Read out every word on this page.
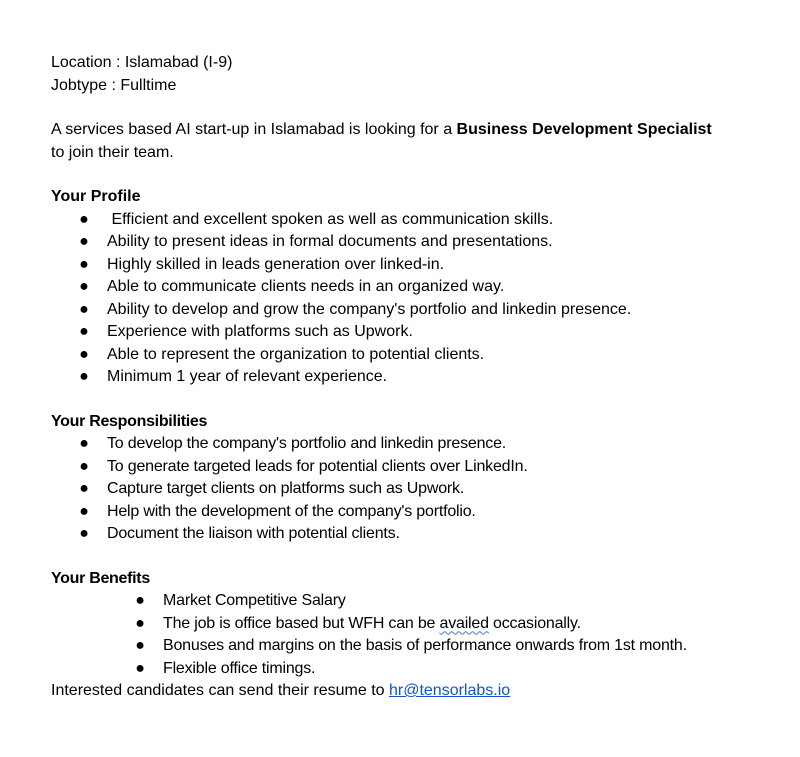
Location : Islamabad (I-9)
Jobtype : Fulltime
A services based AI start-up in Islamabad is looking for a Business Development Specialist
to join their team.
Your Profile
● Efficient and excellent spoken as well as communication skills.
● Ability to present ideas in formal documents and presentations.
● Highly skilled in leads generation over linked-in.
● Able to communicate clients needs in an organized way.
● Ability to develop and grow the company's portfolio and linkedin presence.
● Experience with platforms such as Upwork.
● Able to represent the organization to potential clients.
● Minimum 1 year of relevant experience.
Your Responsibilities
● To develop the company's portfolio and linkedin presence.
● To generate targeted leads for potential clients over LinkedIn.
● Capture target clients on platforms such as Upwork.
● Help with the development of the company's portfolio.
● Document the liaison with potential clients.
Your Benefits
● Market Competitive Salary
● The job is office based but WFH can be availed occasionally.
● Bonuses and margins on the basis of performance onwards from 1st month.
● Flexible office timings.
Interested candidates can send their resume to hr@tensorlabs.io
